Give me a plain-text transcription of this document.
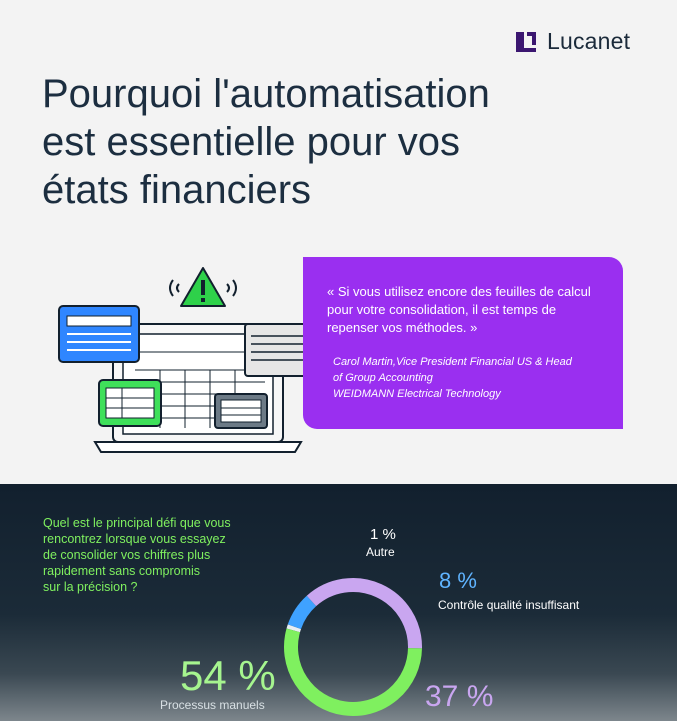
Lucanet
Pourquoi l'automatisation
est essentielle pour vos
états financiers
« Si vous utilisez encore des feuilles de calcul pour votre consolidation, il est temps de repenser vos méthodes. »
Carol Martin,Vice President Financial US & Head
of Group Accounting
WEIDMANN Electrical Technology
Quel est le principal défi que vous
rencontrez lorsque vous essayez
de consolider vos chiffres plus
rapidement sans compromis
sur la précision ?
1 %
Autre
8 %
Contrôle qualité insuffisant
54 %
Processus manuels	37 %
